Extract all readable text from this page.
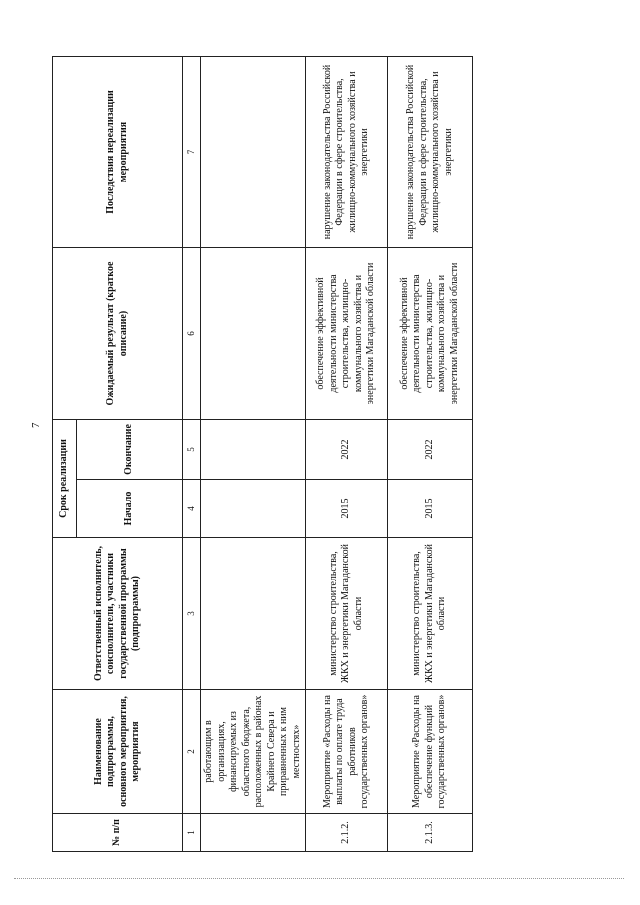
7
№ п/п	Наименование подпрограммы, основного мероприятия, мероприятия	Ответственный исполнитель, соисполнители, участники государственной программы (подпрограммы)	Срок реализации		Ожидаемый результат (краткое описание)	Последствия нереализации мероприятия
			Начало	Окончание		
1	2	3	4	5	6	7
	работающим в организациях, финансируемых из областного бюджета, расположенных в районах Крайнего Севера и приравненных к ним местностях»					
2.1.2.	Мероприятие «Расходы на выплаты по оплате труда работников государственных органов»	министерство строительства, ЖКХ и энергетики Магаданской области	2015	2022	обеспечение эффективной деятельности министерства строительства, жилищно-коммунального хозяйства и энергетики Магаданской области	нарушение законодательства Российской Федерации в сфере строительства, жилищно-коммунального хозяйства и энергетики
2.1.3.	Мероприятие «Расходы на обеспечение функций государственных органов»	министерство строительства, ЖКХ и энергетики Магаданской области	2015	2022	обеспечение эффективной деятельности министерства строительства, жилищно-коммунального хозяйства и энергетики Магаданской области	нарушение законодательства Российской Федерации в сфере строительства, жилищно-коммунального хозяйства и энергетики
